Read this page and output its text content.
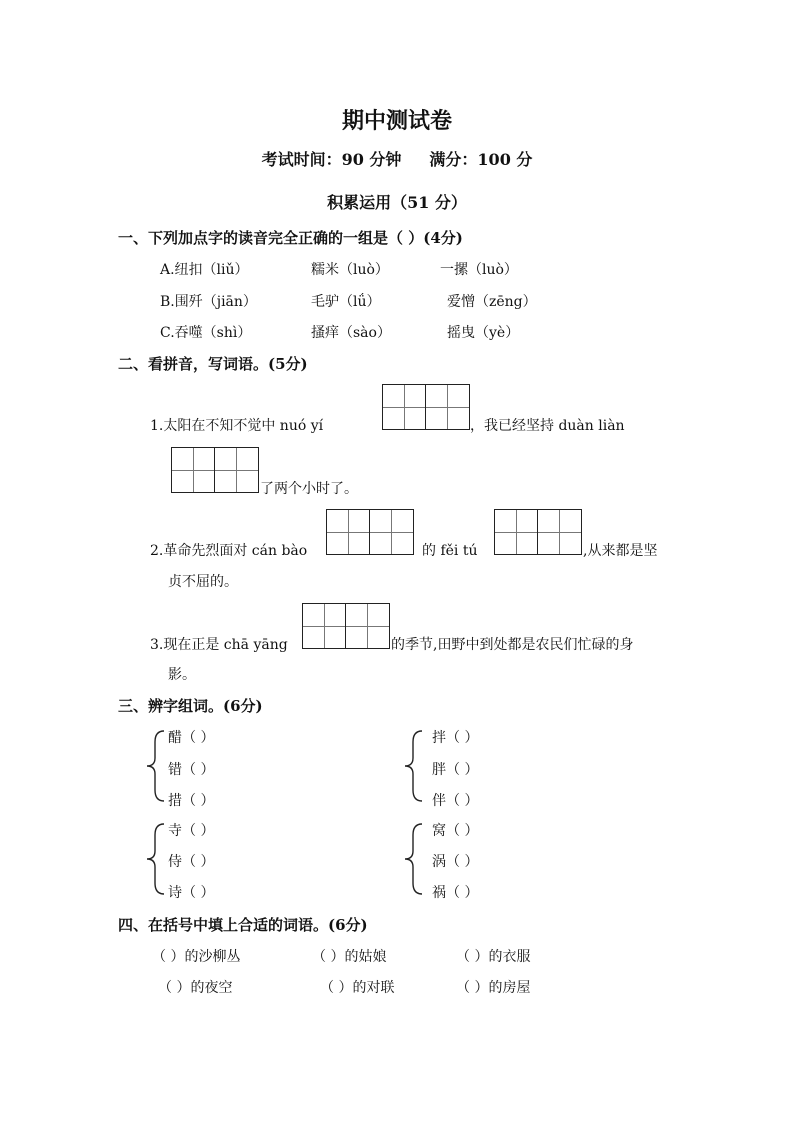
期中测试卷
考试时间：90 分钟 满分：100 分
积累运用（51 分）
一、下列加点字的读音完全正确的一组是（ ）(4分)
A.纽扣（liǔ）	糯米（luò）	一摞（luò）
B.围歼（jiān）	毛驴（lǘ）	爱憎（zēng）
C.吞噬（shì）	搔痒（sào）	摇曳（yè）
二、看拼音，写词语。(5分)
1.太阳在不知不觉中 nuó yí	，我已经坚持 duàn liàn
了两个小时了。
2.革命先烈面对 cán bào	的 fěi tú	,从来都是坚
贞不屈的。
3.现在正是 chā yāng	的季节,田野中到处都是农民们忙碌的身
影。
三、辨字组词。(6分)
醋（ ）
错（ ）
措（ ）
拌（ ）
胖（ ）
伴（ ）
寺（ ）
侍（ ）
诗（ ）
窝（ ）
涡（ ）
祸（ ）
四、在括号中填上合适的词语。(6分)
（ ）的沙柳丛	（ ）的姑娘	（ ）的衣服
（ ）的夜空	（ ）的对联	（ ）的房屋
